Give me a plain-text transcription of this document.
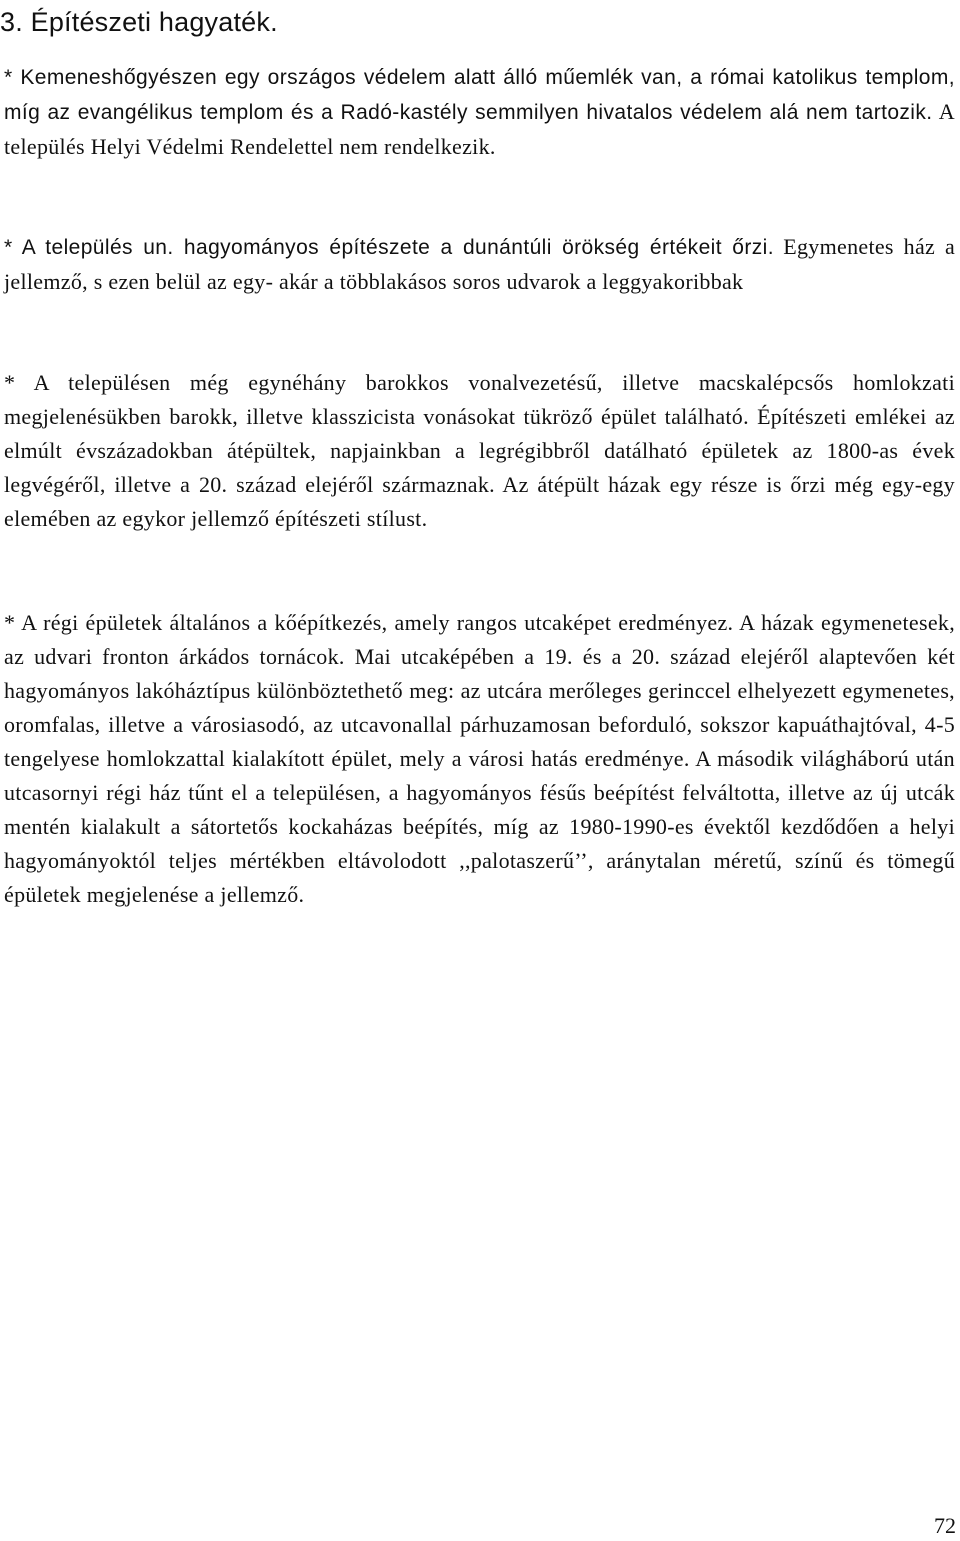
3. Építészeti hagyaték.

* Kemeneshőgyészen egy országos védelem alatt álló műemlék van, a római katolikus templom, míg az evangélikus templom és a Radó-kastély semmilyen hivatalos védelem alá nem tartozik. A település Helyi Védelmi Rendelettel nem rendelkezik.

* A település un. hagyományos építészete a dunántúli örökség értékeit őrzi. Egymenetes ház a jellemző, s ezen belül az egy- akár a többlakásos soros udvarok a leggyakoribbak

* A településen még egynéhány barokkos vonalvezetésű, illetve macskalépcsős homlokzati megjelenésükben barokk, illetve klasszicista vonásokat tükröző épület található. Építészeti emlékei az elmúlt évszázadokban átépültek, napjainkban a legrégibbről datálható épületek az 1800-as évek legvégéről, illetve a 20. század elejéről származnak. Az átépült házak egy része is őrzi még egy-egy elemében az egykor jellemző építészeti stílust.

* A régi épületek általános a kőépítkezés, amely rangos utcaképet eredményez. A házak egymenetesek, az udvari fronton árkádos tornácok. Mai utcaképében a 19. és a 20. század elejéről alaptevően két hagyományos lakóháztípus különböztethető meg: az utcára merőleges gerinccel elhelyezett egymenetes, oromfalas, illetve a városiasodó, az utcavonallal párhuzamosan beforduló, sokszor kapuáthajtóval, 4-5 tengelyese homlokzattal kialakított épület, mely a városi hatás eredménye. A második világháború után utcasornyi régi ház tűnt el a településen, a hagyományos fésűs beépítést felváltotta, illetve az új utcák mentén kialakult a sátortetős kockaházas beépítés, míg az 1980-1990-es évektől kezdődően a helyi hagyományoktól teljes mértékben eltávolodott ,,palotaszerű’’, aránytalan méretű, színű és tömegű épületek megjelenése a jellemző.

72
